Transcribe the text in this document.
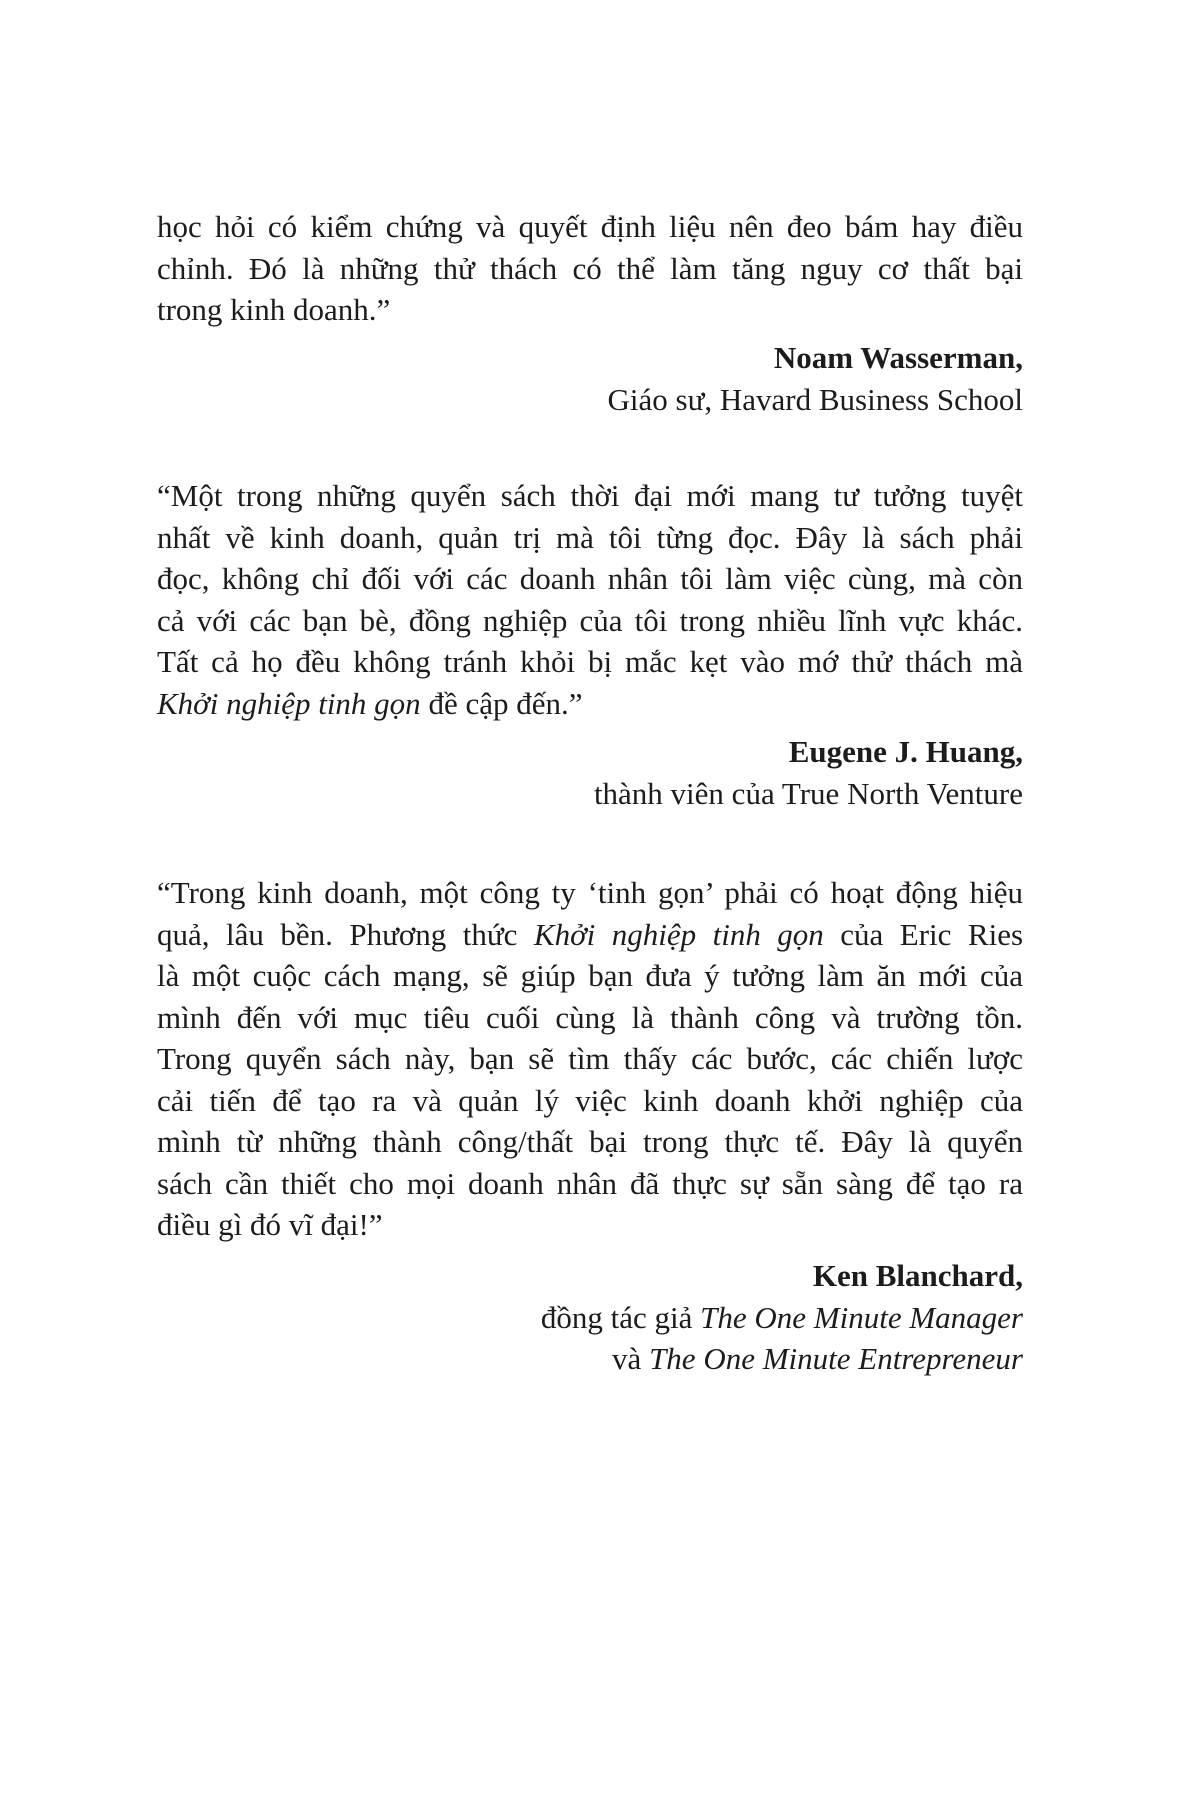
học hỏi có kiểm chứng và quyết định liệu nên đeo bám hay điều
chỉnh. Đó là những thử thách có thể làm tăng nguy cơ thất bại
trong kinh doanh.”
Noam Wasserman,
Giáo sư, Havard Business School
“Một trong những quyển sách thời đại mới mang tư tưởng tuyệt
nhất về kinh doanh, quản trị mà tôi từng đọc. Đây là sách phải
đọc, không chỉ đối với các doanh nhân tôi làm việc cùng, mà còn
cả với các bạn bè, đồng nghiệp của tôi trong nhiều lĩnh vực khác.
Tất cả họ đều không tránh khỏi bị mắc kẹt vào mớ thử thách mà
Khởi nghiệp tinh gọn đề cập đến.”
Eugene J. Huang,
thành viên của True North Venture
“Trong kinh doanh, một công ty ‘tinh gọn’ phải có hoạt động hiệu
quả, lâu bền. Phương thức Khởi nghiệp tinh gọn của Eric Ries
là một cuộc cách mạng, sẽ giúp bạn đưa ý tưởng làm ăn mới của
mình đến với mục tiêu cuối cùng là thành công và trường tồn.
Trong quyển sách này, bạn sẽ tìm thấy các bước, các chiến lược
cải tiến để tạo ra và quản lý việc kinh doanh khởi nghiệp của
mình từ những thành công/thất bại trong thực tế. Đây là quyển
sách cần thiết cho mọi doanh nhân đã thực sự sẵn sàng để tạo ra
điều gì đó vĩ đại!”
Ken Blanchard,
đồng tác giả The One Minute Manager
và The One Minute Entrepreneur
